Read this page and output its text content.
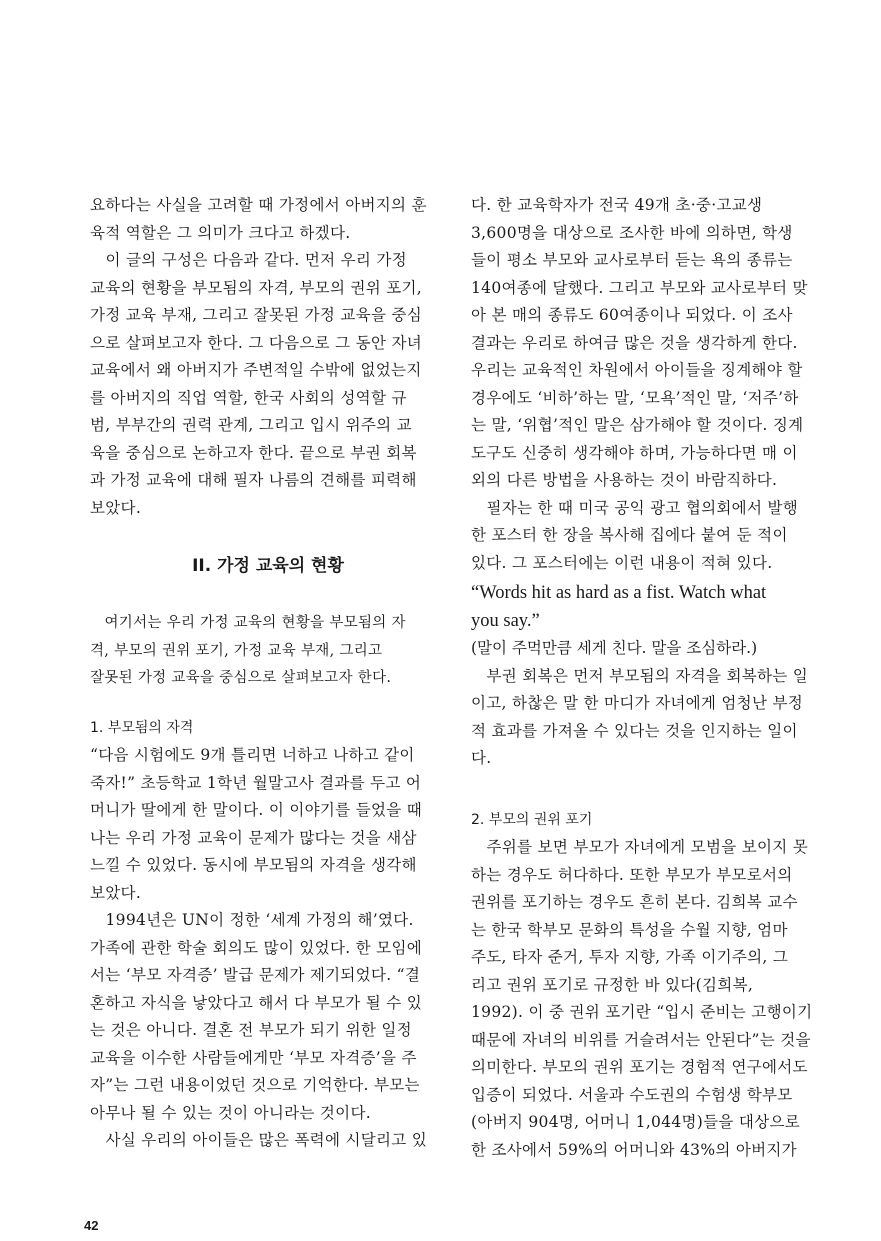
요하다는 사실을 고려할 때 가정에서 아버지의 훈
육적 역할은 그 의미가 크다고 하겠다.

이 글의 구성은 다음과 같다. 먼저 우리 가정
교육의 현황을 부모됨의 자격, 부모의 권위 포기,
가정 교육 부재, 그리고 잘못된 가정 교육을 중심
으로 살펴보고자 한다. 그 다음으로 그 동안 자녀
교육에서 왜 아버지가 주변적일 수밖에 없었는지
를 아버지의 직업 역할, 한국 사회의 성역할 규
범, 부부간의 권력 관계, 그리고 입시 위주의 교
육을 중심으로 논하고자 한다. 끝으로 부권 회복
과 가정 교육에 대해 필자 나름의 견해를 피력해
보았다.

II. 가정 교육의 현황

여기서는 우리 가정 교육의 현황을 부모됨의 자
격, 부모의 권위 포기, 가정 교육 부재, 그리고
잘못된 가정 교육을 중심으로 살펴보고자 한다.

1. 부모됨의 자격

“다음 시험에도 9개 틀리면 너하고 나하고 같이
죽자!” 초등학교 1학년 월말고사 결과를 두고 어
머니가 딸에게 한 말이다. 이 이야기를 들었을 때
나는 우리 가정 교육이 문제가 많다는 것을 새삼
느낄 수 있었다. 동시에 부모됨의 자격을 생각해
보았다.

1994년은 UN이 정한 ‘세계 가정의 해’였다.
가족에 관한 학술 회의도 많이 있었다. 한 모임에
서는 ‘부모 자격증’ 발급 문제가 제기되었다. “결
혼하고 자식을 낳았다고 해서 다 부모가 될 수 있
는 것은 아니다. 결혼 전 부모가 되기 위한 일정
교육을 이수한 사람들에게만 ‘부모 자격증’을 주
자”는 그런 내용이었던 것으로 기억한다. 부모는
아무나 될 수 있는 것이 아니라는 것이다.

사실 우리의 아이들은 많은 폭력에 시달리고 있

다. 한 교육학자가 전국 49개 초·중·고교생
3,600명을 대상으로 조사한 바에 의하면, 학생
들이 평소 부모와 교사로부터 듣는 욕의 종류는
140여종에 달했다. 그리고 부모와 교사로부터 맞
아 본 매의 종류도 60여종이나 되었다. 이 조사
결과는 우리로 하여금 많은 것을 생각하게 한다.
우리는 교육적인 차원에서 아이들을 징계해야 할
경우에도 ‘비하’하는 말, ‘모욕’적인 말, ‘저주’하
는 말, ‘위협’적인 말은 삼가해야 할 것이다. 징계
도구도 신중히 생각해야 하며, 가능하다면 매 이
외의 다른 방법을 사용하는 것이 바람직하다.

필자는 한 때 미국 공익 광고 협의회에서 발행
한 포스터 한 장을 복사해 집에다 붙여 둔 적이
있다. 그 포스터에는 이런 내용이 적혀 있다.

“Words hit as hard as a fist. Watch what
you say.”

(말이 주먹만큼 세게 친다. 말을 조심하라.)

부권 회복은 먼저 부모됨의 자격을 회복하는 일
이고, 하찮은 말 한 마디가 자녀에게 엄청난 부정
적 효과를 가져올 수 있다는 것을 인지하는 일이
다.

2. 부모의 권위 포기

주위를 보면 부모가 자녀에게 모범을 보이지 못
하는 경우도 허다하다. 또한 부모가 부모로서의
권위를 포기하는 경우도 흔히 본다. 김희복 교수
는 한국 학부모 문화의 특성을 수월 지향, 엄마
주도, 타자 준거, 투자 지향, 가족 이기주의, 그
리고 권위 포기로 규정한 바 있다(김희복,
1992). 이 중 권위 포기란 “입시 준비는 고행이기
때문에 자녀의 비위를 거슬려서는 안된다”는 것을
의미한다. 부모의 권위 포기는 경험적 연구에서도
입증이 되었다. 서울과 수도권의 수험생 학부모
(아버지 904명, 어머니 1,044명)들을 대상으로
한 조사에서 59%의 어머니와 43%의 아버지가

42
